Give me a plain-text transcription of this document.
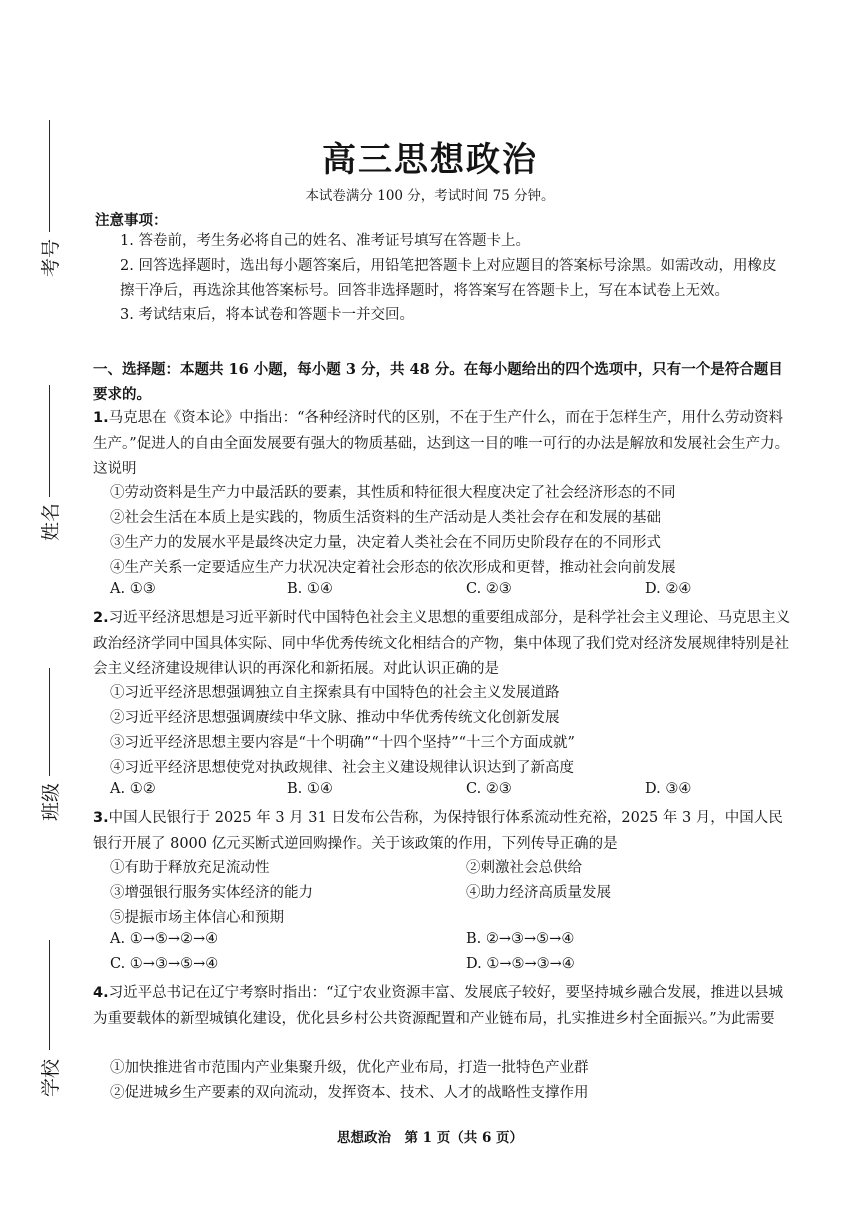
考号
姓名
班级
学校
高三思想政治
本试卷满分 100 分，考试时间 75 分钟。
注意事项：
1. 答卷前，考生务必将自己的姓名、准考证号填写在答题卡上。
2. 回答选择题时，选出每小题答案后，用铅笔把答题卡上对应题目的答案标号涂黑。如需改动，用橡皮擦干净后，再选涂其他答案标号。回答非选择题时，将答案写在答题卡上，写在本试卷上无效。
3. 考试结束后，将本试卷和答题卡一并交回。
一、选择题：本题共 16 小题，每小题 3 分，共 48 分。在每小题给出的四个选项中，只有一个是符合题目要求的。
1.马克思在《资本论》中指出：“各种经济时代的区别，不在于生产什么，而在于怎样生产，用什么劳动资料生产。”促进人的自由全面发展要有强大的物质基础，达到这一目的唯一可行的办法是解放和发展社会生产力。这说明
①劳动资料是生产力中最活跃的要素，其性质和特征很大程度决定了社会经济形态的不同
②社会生活在本质上是实践的，物质生活资料的生产活动是人类社会存在和发展的基础
③生产力的发展水平是最终决定力量，决定着人类社会在不同历史阶段存在的不同形式
④生产关系一定要适应生产力状况决定着社会形态的依次形成和更替，推动社会向前发展
A. ①③	B. ①④	C. ②③	D. ②④
2.习近平经济思想是习近平新时代中国特色社会主义思想的重要组成部分，是科学社会主义理论、马克思主义政治经济学同中国具体实际、同中华优秀传统文化相结合的产物，集中体现了我们党对经济发展规律特别是社会主义经济建设规律认识的再深化和新拓展。对此认识正确的是
①习近平经济思想强调独立自主探索具有中国特色的社会主义发展道路
②习近平经济思想强调赓续中华文脉、推动中华优秀传统文化创新发展
③习近平经济思想主要内容是“十个明确”“十四个坚持”“十三个方面成就”
④习近平经济思想使党对执政规律、社会主义建设规律认识达到了新高度
A. ①②	B. ①④	C. ②③	D. ③④
3.中国人民银行于 2025 年 3 月 31 日发布公告称，为保持银行体系流动性充裕，2025 年 3 月，中国人民银行开展了 8000 亿元买断式逆回购操作。关于该政策的作用，下列传导正确的是
①有助于释放充足流动性	②刺激社会总供给
③增强银行服务实体经济的能力	④助力经济高质量发展
⑤提振市场主体信心和预期
A. ①→⑤→②→④	B. ②→③→⑤→④
C. ①→③→⑤→④	D. ①→⑤→③→④
4.习近平总书记在辽宁考察时指出：“辽宁农业资源丰富、发展底子较好，要坚持城乡融合发展，推进以县城为重要载体的新型城镇化建设，优化县乡村公共资源配置和产业链布局，扎实推进乡村全面振兴。”为此需要
①加快推进省市范围内产业集聚升级，优化产业布局，打造一批特色产业群
②促进城乡生产要素的双向流动，发挥资本、技术、人才的战略性支撑作用
思想政治　第 1 页（共 6 页）
